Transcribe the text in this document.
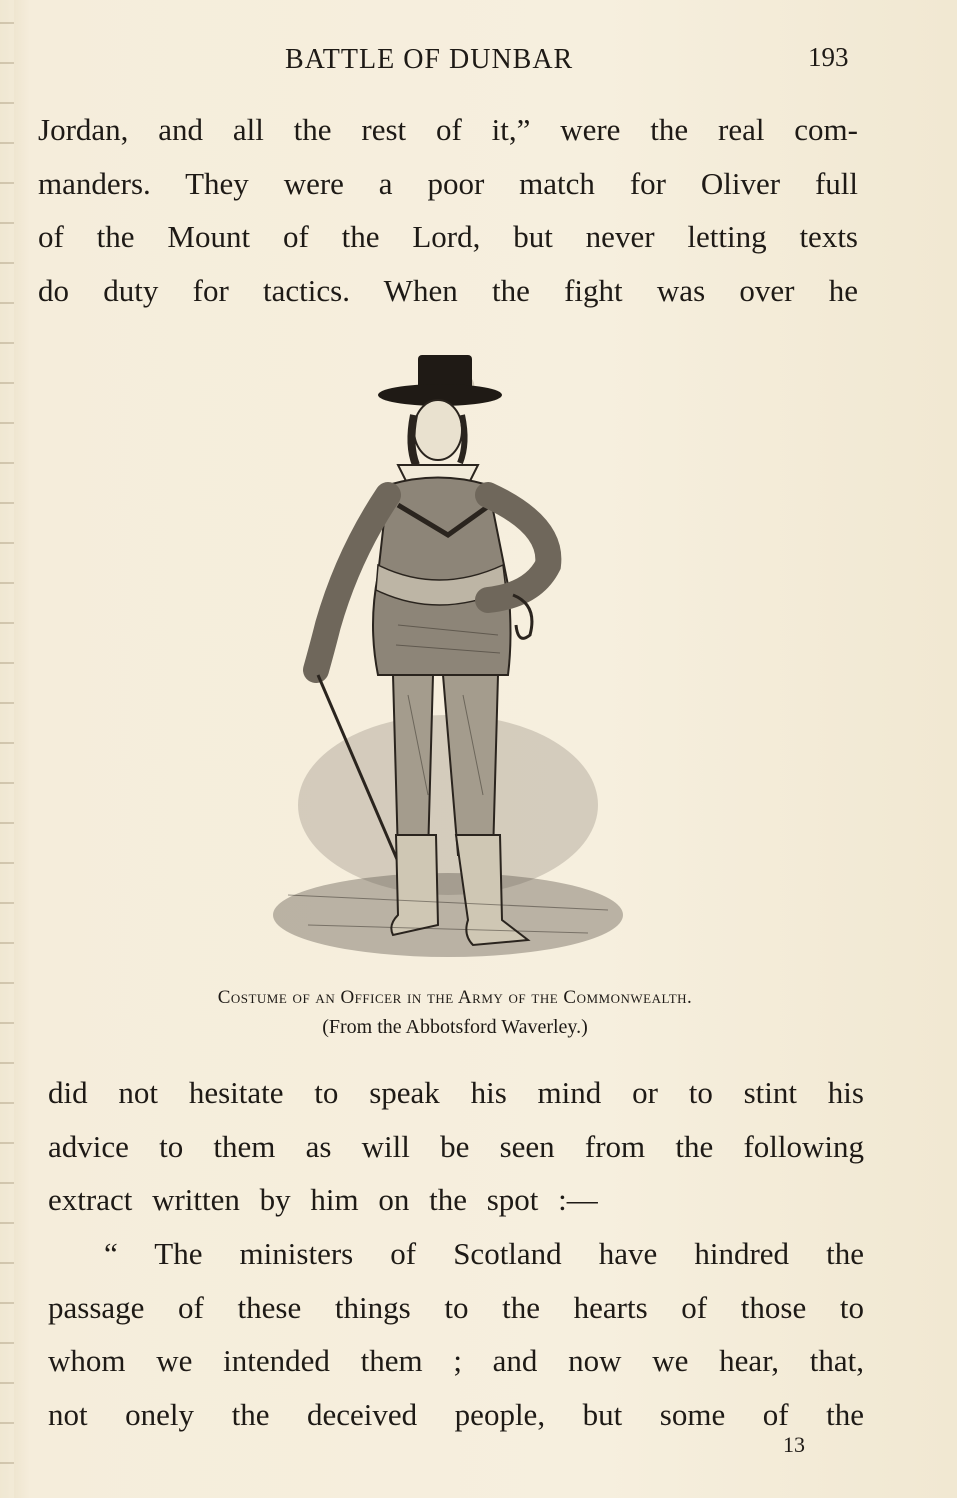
BATTLE OF DUNBAR	193
Jordan, and all the rest of it,” were the real com-
manders. They were a poor match for Oliver full
of the Mount of the Lord, but never letting texts
do duty for tactics. When the fight was over he
Costume of an Officer in the Army of the Commonwealth.
(From the Abbotsford Waverley.)
did not hesitate to speak his mind or to stint his
advice to them as will be seen from the following
extract written by him on the spot :—
“ The ministers of Scotland have hindred the
passage of these things to the hearts of those to
whom we intended them ; and now we hear, that,
not onely the deceived people, but some of the
13
